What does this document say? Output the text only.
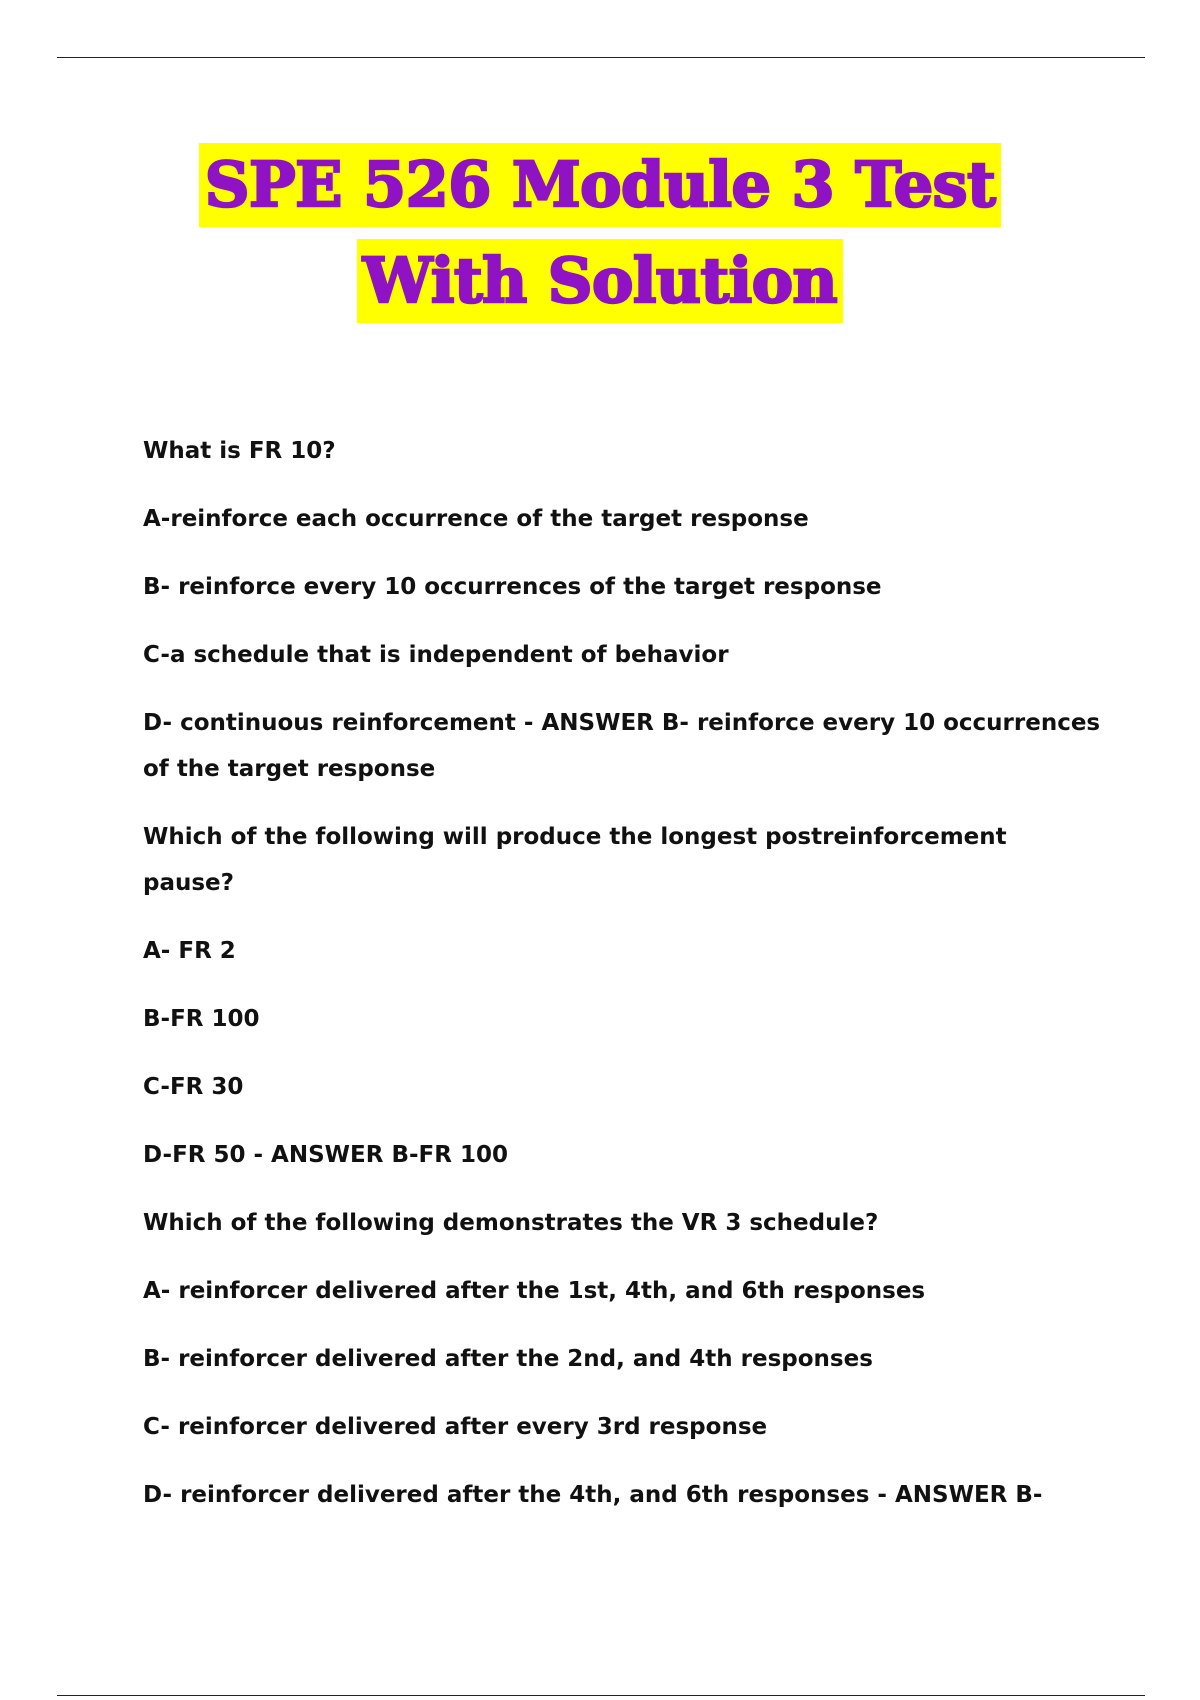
SPE 526 Module 3 Test
With Solution

What is FR 10?

A-reinforce each occurrence of the target response

B- reinforce every 10 occurrences of the target response

C-a schedule that is independent of behavior

D- continuous reinforcement - ANSWER B- reinforce every 10 occurrences of the target response

Which of the following will produce the longest postreinforcement pause?

A- FR 2

B-FR 100

C-FR 30

D-FR 50 - ANSWER B-FR 100

Which of the following demonstrates the VR 3 schedule?

A- reinforcer delivered after the 1st, 4th, and 6th responses

B- reinforcer delivered after the 2nd, and 4th responses

C- reinforcer delivered after every 3rd response

D- reinforcer delivered after the 4th, and 6th responses - ANSWER B-
